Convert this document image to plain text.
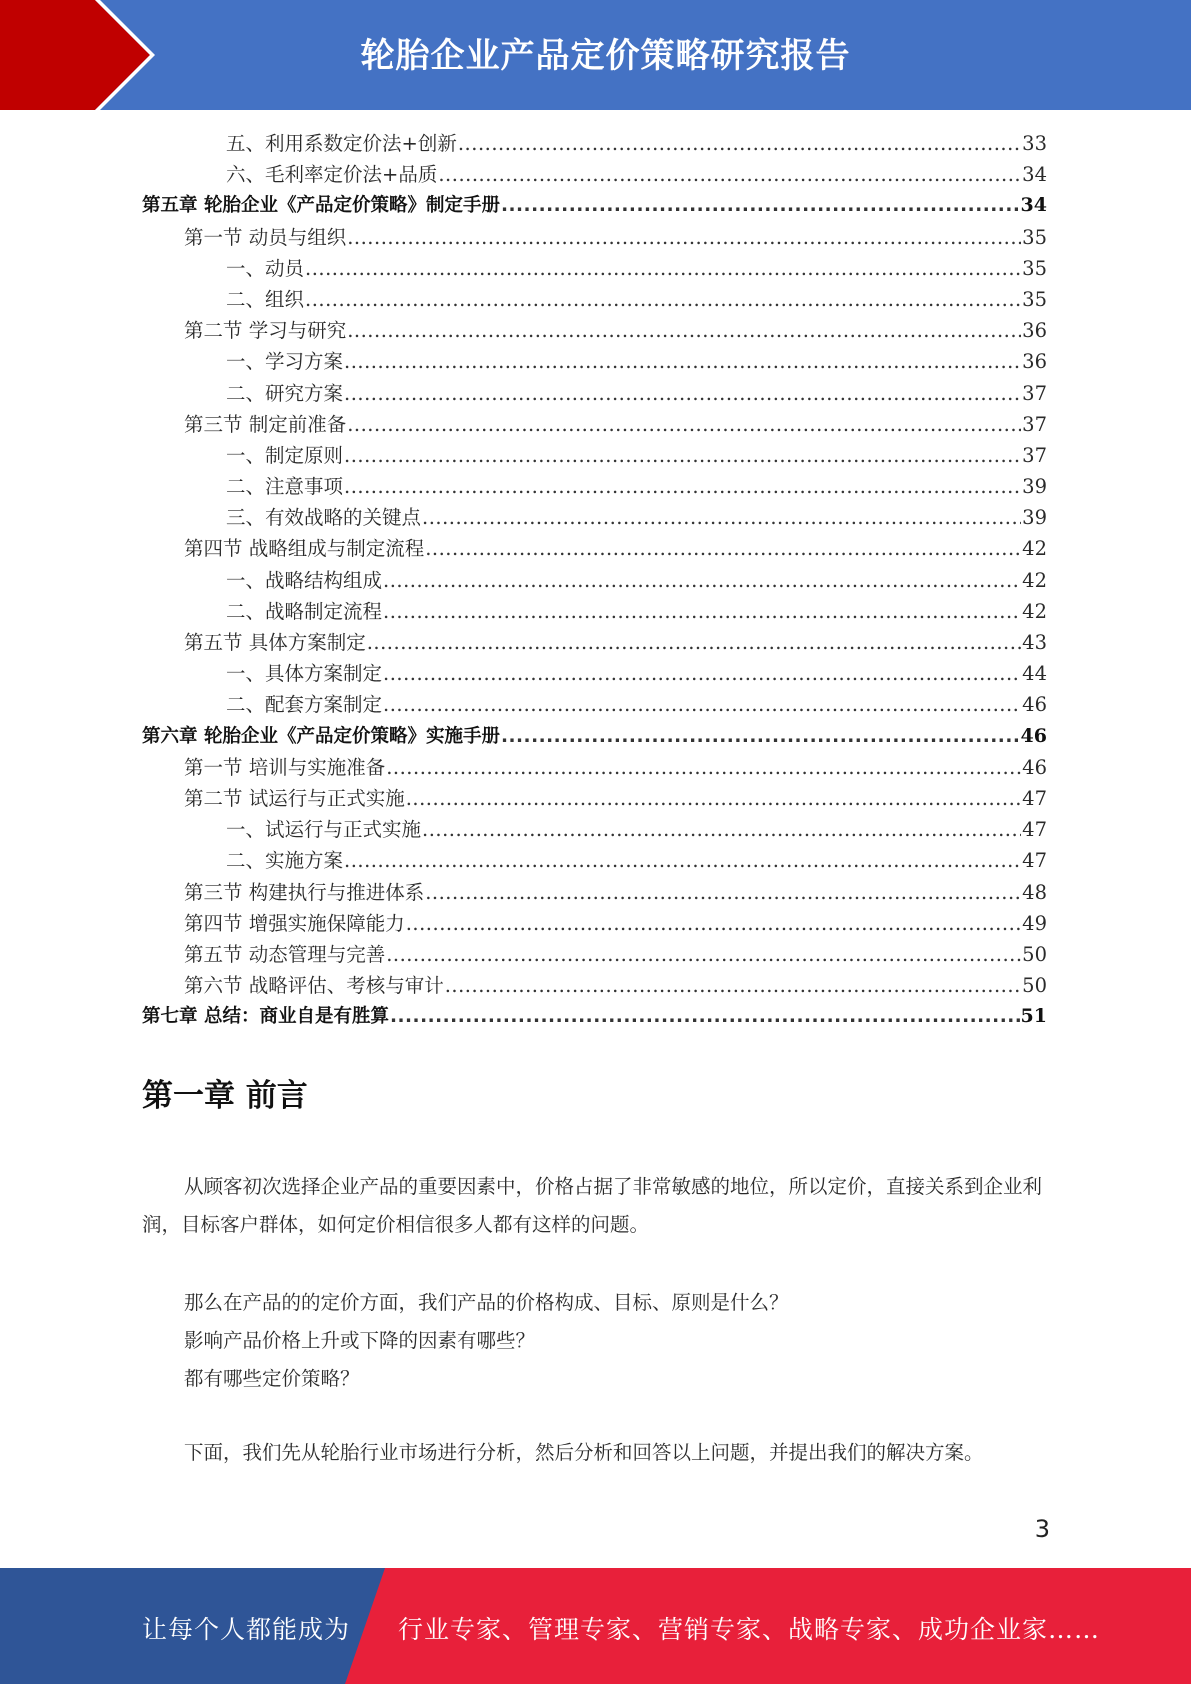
轮胎企业产品定价策略研究报告
五、利用系数定价法+创新 .....	33
六、毛利率定价法+品质 .....	34
第五章 轮胎企业《产品定价策略》制定手册 .....	34
第一节 动员与组织 .....	35
一、动员 .....	35
二、组织 .....	35
第二节 学习与研究 .....	36
一、学习方案 .....	36
二、研究方案 .....	37
第三节 制定前准备 .....	37
一、制定原则 .....	37
二、注意事项 .....	39
三、有效战略的关键点 .....	39
第四节 战略组成与制定流程 .....	42
一、战略结构组成 .....	42
二、战略制定流程 .....	42
第五节 具体方案制定 .....	43
一、具体方案制定 .....	44
二、配套方案制定 .....	46
第六章 轮胎企业《产品定价策略》实施手册 .....	46
第一节 培训与实施准备 .....	46
第二节 试运行与正式实施 .....	47
一、试运行与正式实施 .....	47
二、实施方案 .....	47
第三节 构建执行与推进体系 .....	48
第四节 增强实施保障能力 .....	49
第五节 动态管理与完善 .....	50
第六节 战略评估、考核与审计 .....	50
第七章 总结：商业自是有胜算 .....	51
第一章 前言
从顾客初次选择企业产品的重要因素中，价格占据了非常敏感的地位，所以定价，直接关系到企业利润，目标客户群体，如何定价相信很多人都有这样的问题。
那么在产品的的定价方面，我们产品的价格构成、目标、原则是什么？
影响产品价格上升或下降的因素有哪些？
都有哪些定价策略？
下面，我们先从轮胎行业市场进行分析，然后分析和回答以上问题，并提出我们的解决方案。
3
让每个人都能成为 行业专家、管理专家、营销专家、战略专家、成功企业家……
